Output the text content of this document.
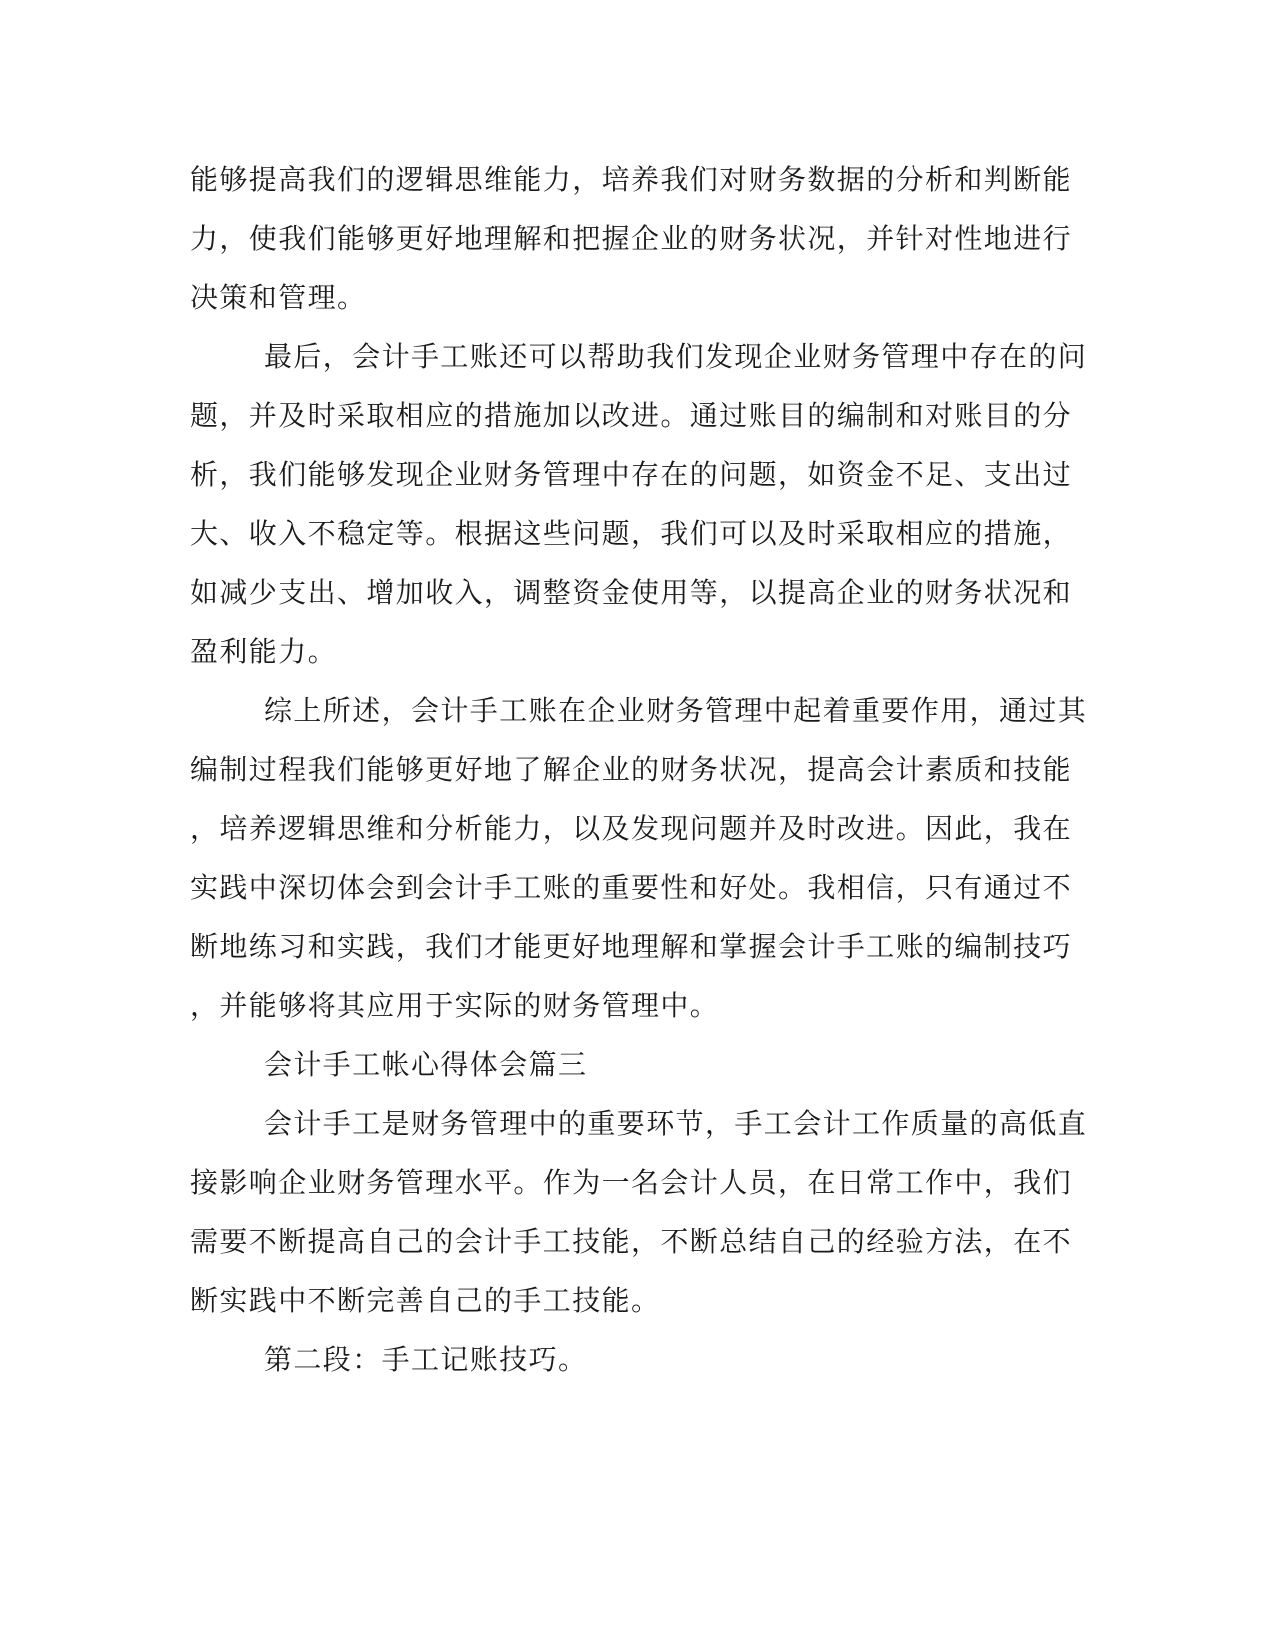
能够提高我们的逻辑思维能力，培养我们对财务数据的分析和判断能
力，使我们能够更好地理解和把握企业的财务状况，并针对性地进行
决策和管理。
最后，会计手工账还可以帮助我们发现企业财务管理中存在的问
题，并及时采取相应的措施加以改进。通过账目的编制和对账目的分
析，我们能够发现企业财务管理中存在的问题，如资金不足、支出过
大、收入不稳定等。根据这些问题，我们可以及时采取相应的措施，
如减少支出、增加收入，调整资金使用等，以提高企业的财务状况和
盈利能力。
综上所述，会计手工账在企业财务管理中起着重要作用，通过其
编制过程我们能够更好地了解企业的财务状况，提高会计素质和技能
，培养逻辑思维和分析能力，以及发现问题并及时改进。因此，我在
实践中深切体会到会计手工账的重要性和好处。我相信，只有通过不
断地练习和实践，我们才能更好地理解和掌握会计手工账的编制技巧
，并能够将其应用于实际的财务管理中。
会计手工帐心得体会篇三
会计手工是财务管理中的重要环节，手工会计工作质量的高低直
接影响企业财务管理水平。作为一名会计人员，在日常工作中，我们
需要不断提高自己的会计手工技能，不断总结自己的经验方法，在不
断实践中不断完善自己的手工技能。
第二段：手工记账技巧。
